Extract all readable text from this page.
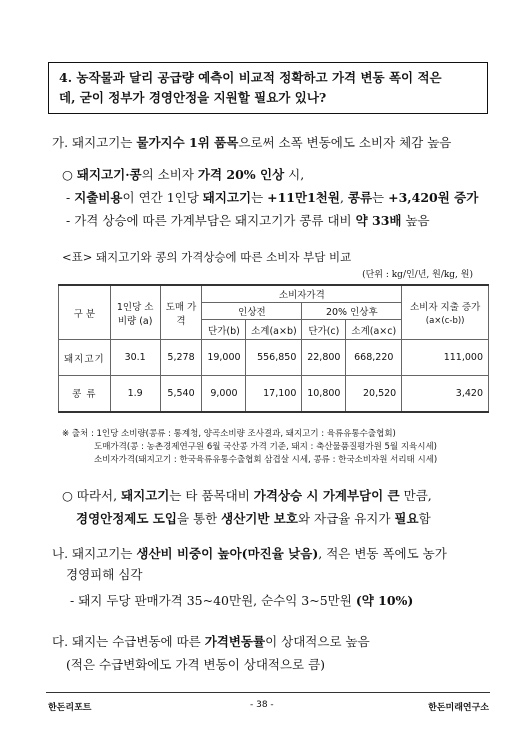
4. 농작물과 달리 공급량 예측이 비교적 정확하고 가격 변동 폭이 적은
데, 굳이 정부가 경영안정을 지원할 필요가 있나?
가. 돼지고기는 물가지수 1위 품목으로써 소폭 변동에도 소비자 체감 높음
○ 돼지고기·콩의 소비자 가격 20% 인상 시,
- 지출비용이 연간 1인당 돼지고기는 +11만1천원, 콩류는 +3,420원 증가
- 가격 상승에 따른 가계부담은 돼지고기가 콩류 대비 약 33배 높음
<표> 돼지고기와 콩의 가격상승에 따른 소비자 부담 비교
(단위 : kg/인/년, 원/kg, 원)
구 분	1인당 소비량 (a)	도매 가격	소비자가격				소비자 지출 증가
(a×(c-b))

			인상전		20% 인상후		
			단가(b)	소계(a×b)	단가(c)	소계(a×c)	
돼지고기	30.1	5,278	19,000	556,850	22,800	668,220	111,000
콩 류	1.9	5,540	9,000	17,100	10,800	20,520	3,420
※ 출처 : 1인당 소비량(콩류 : 통계청, 양곡소비량 조사결과, 돼지고기 : 육류유통수출협회)
도매가격(콩 : 농촌경제연구원 6월 국산콩 가격 기준, 돼지 : 축산물품질평가원 5월 지육시세)
소비자가격(돼지고기 : 한국육류유통수출협회 삼겹살 시세, 콩류 : 한국소비자원 서리태 시세)
○ 따라서, 돼지고기는 타 품목대비 가격상승 시 가계부담이 큰 만큼,
경영안정제도 도입을 통한 생산기반 보호와 자급율 유지가 필요함
나. 돼지고기는 생산비 비중이 높아(마진율 낮음), 적은 변동 폭에도 농가
경영피해 심각
- 돼지 두당 판매가격 35~40만원, 순수익 3~5만원 (약 10%)
다. 돼지는 수급변동에 따른 가격변동률이 상대적으로 높음
(적은 수급변화에도 가격 변동이 상대적으로 큼)
한돈리포트	- 38 -	한돈미래연구소
